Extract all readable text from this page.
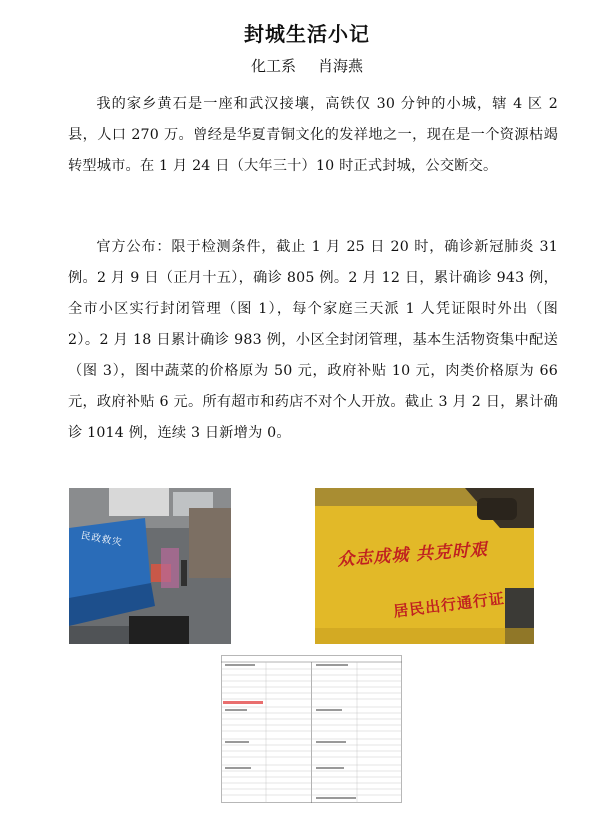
封城生活小记
化工系 肖海燕

我的家乡黄石是一座和武汉接壤，高铁仅 30 分钟的小城，辖 4 区 2 县，人口 270 万。曾经是华夏青铜文化的发祥地之一，现在是一个资源枯竭转型城市。在 1 月 24 日（大年三十）10 时正式封城，公交断交。

官方公布：限于检测条件，截止 1 月 25 日 20 时，确诊新冠肺炎 31 例。2 月 9 日（正月十五），确诊 805 例。2 月 12 日，累计确诊 943 例，全市小区实行封闭管理（图 1），每个家庭三天派 1 人凭证限时外出（图 2）。2 月 18 日累计确诊 983 例，小区全封闭管理，基本生活物资集中配送（图 3），图中蔬菜的价格原为 50 元，政府补贴 10 元，肉类价格原为 66 元，政府补贴 6 元。所有超市和药店不对个人开放。截止 3 月 2 日，累计确诊 1014 例，连续 3 日新增为 0。

民政救灾
众志成城 共克时艰
居民出行通行证
